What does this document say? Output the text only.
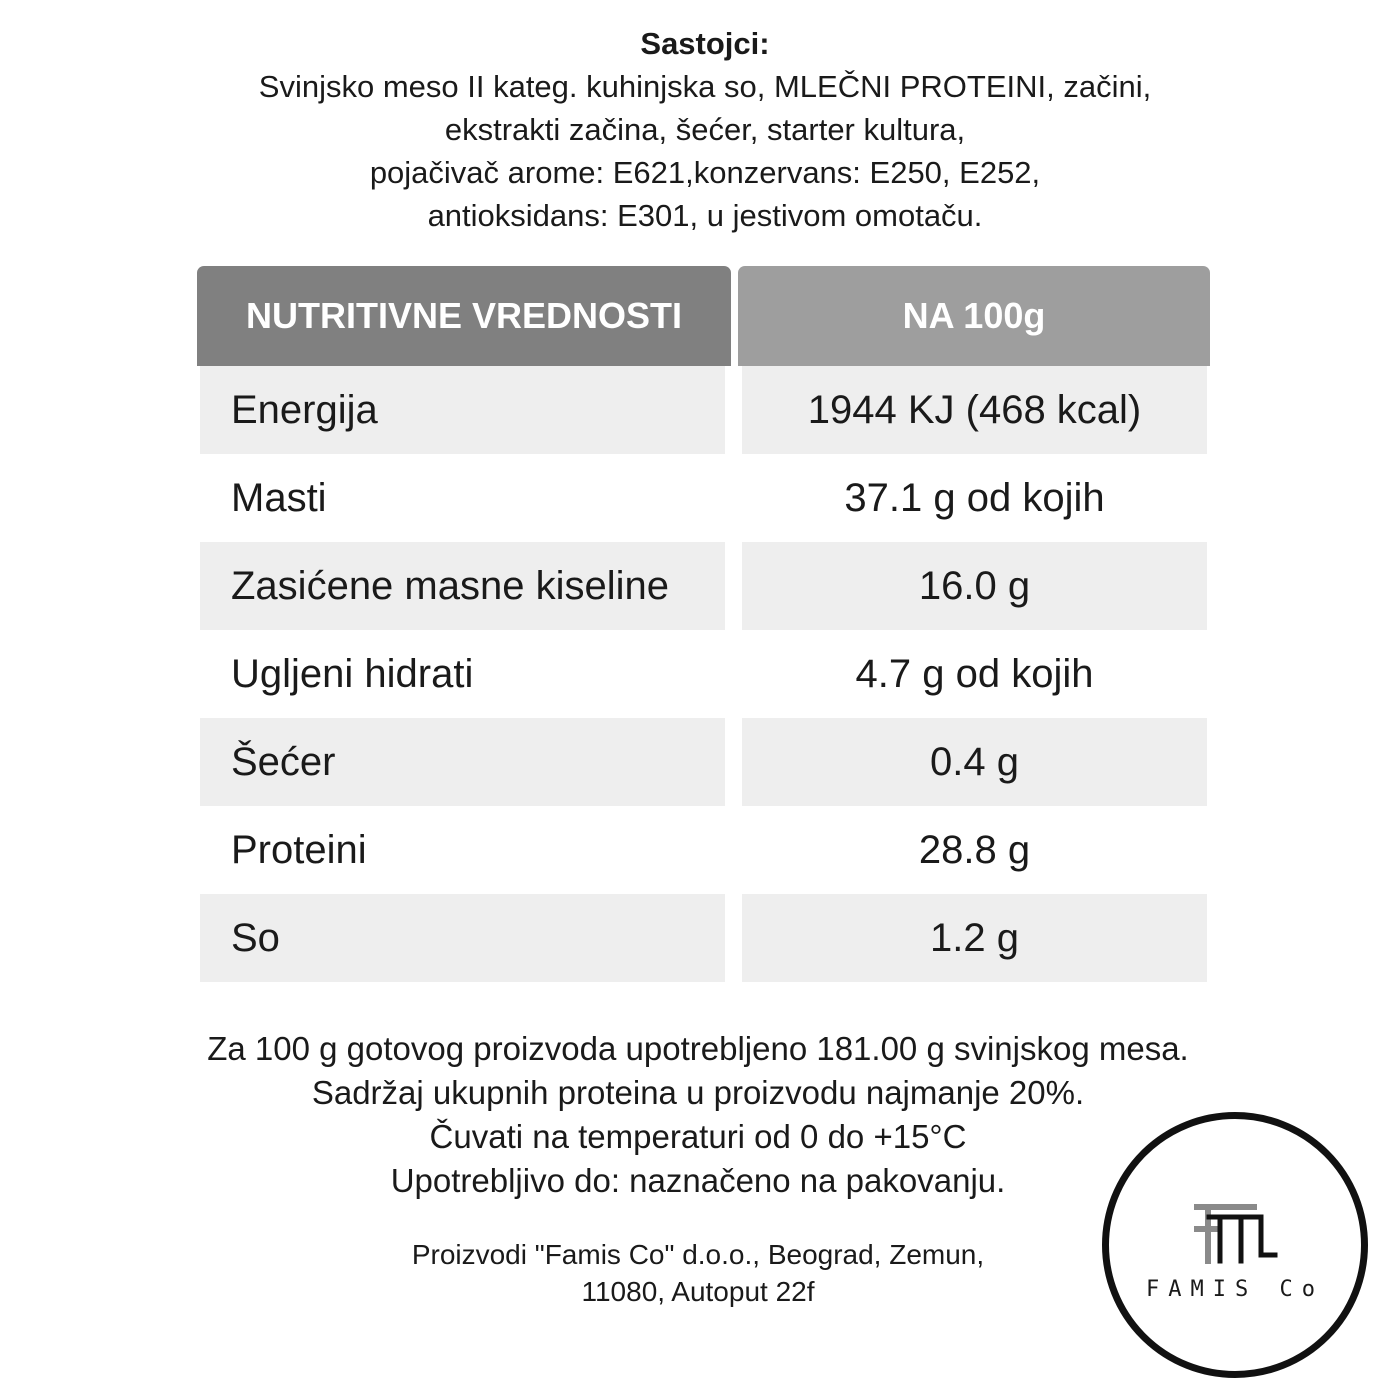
Sastojci:
Svinjsko meso II kateg. kuhinjska so, MLEČNI PROTEINI, začini,
ekstrakti začina, šećer, starter kultura,
pojačivač arome: E621,konzervans: E250, E252,
antioksidans: E301, u jestivom omotaču.
NUTRITIVNE VREDNOSTI	NA 100g
Energija	1944 KJ (468 kcal)
Masti	37.1 g od kojih
Zasićene masne kiseline	16.0 g
Ugljeni hidrati	4.7 g od kojih
Šećer	0.4 g
Proteini	28.8 g
So	1.2 g
Za 100 g gotovog proizvoda upotrebljeno 181.00 g svinjskog mesa.
Sadržaj ukupnih proteina u proizvodu najmanje 20%.
Čuvati na temperaturi od 0 do +15°C
Upotrebljivo do: naznačeno na pakovanju.
Proizvodi "Famis Co" d.o.o., Beograd, Zemun,
11080, Autoput 22f	FAMIS Co
